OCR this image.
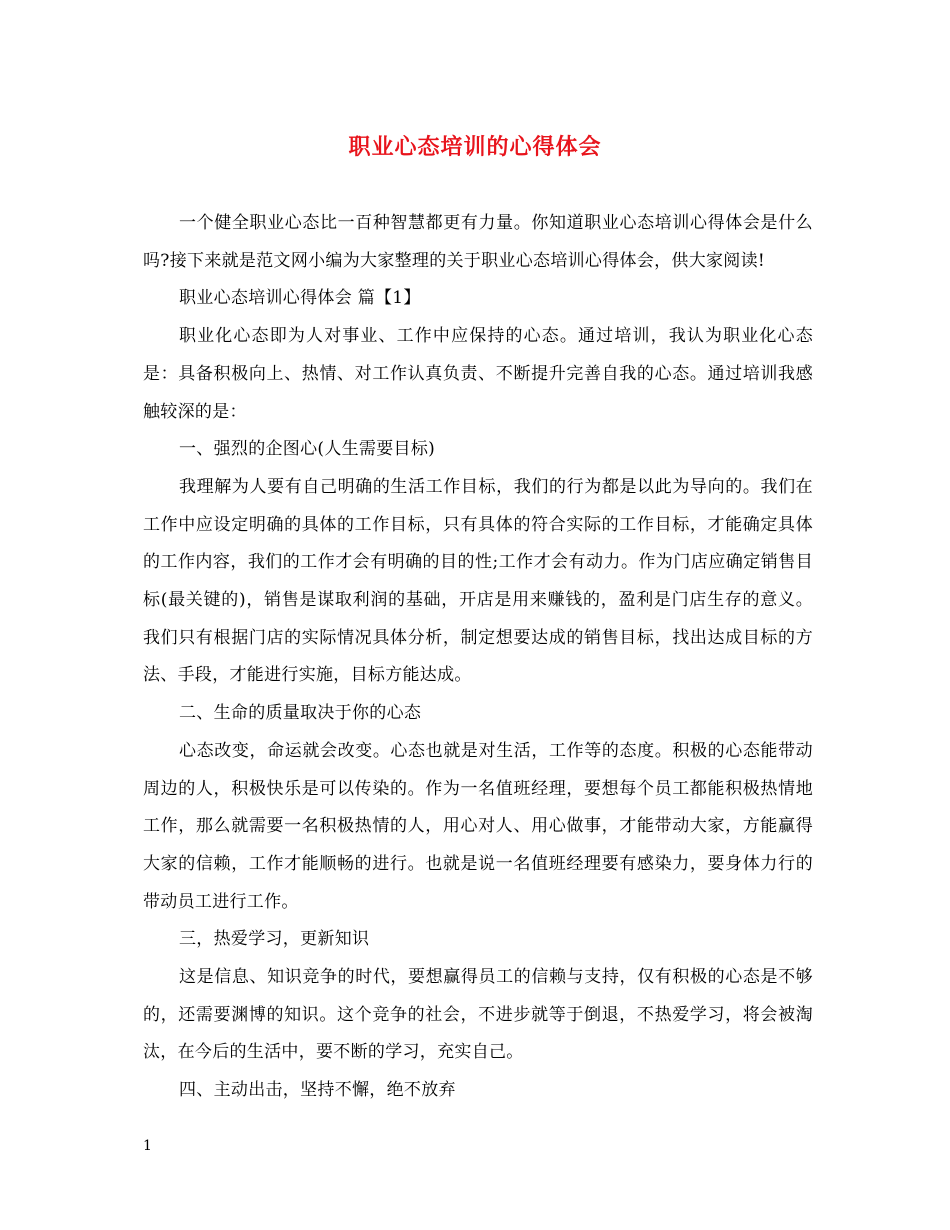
职业心态培训的心得体会

一个健全职业心态比一百种智慧都更有力量。你知道职业心态培训心得体会是什么吗?接下来就是范文网小编为大家整理的关于职业心态培训心得体会，供大家阅读!

职业心态培训心得体会 篇【1】

职业化心态即为人对事业、工作中应保持的心态。通过培训，我认为职业化心态是：具备积极向上、热情、对工作认真负责、不断提升完善自我的心态。通过培训我感触较深的是：

一、强烈的企图心(人生需要目标)

我理解为人要有自己明确的生活工作目标，我们的行为都是以此为导向的。我们在工作中应设定明确的具体的工作目标，只有具体的符合实际的工作目标，才能确定具体的工作内容，我们的工作才会有明确的目的性;工作才会有动力。作为门店应确定销售目标(最关键的)，销售是谋取利润的基础，开店是用来赚钱的，盈利是门店生存的意义。我们只有根据门店的实际情况具体分析，制定想要达成的销售目标，找出达成目标的方法、手段，才能进行实施，目标方能达成。

二、生命的质量取决于你的心态

心态改变，命运就会改变。心态也就是对生活，工作等的态度。积极的心态能带动周边的人，积极快乐是可以传染的。作为一名值班经理，要想每个员工都能积极热情地工作，那么就需要一名积极热情的人，用心对人、用心做事，才能带动大家，方能赢得大家的信赖，工作才能顺畅的进行。也就是说一名值班经理要有感染力，要身体力行的带动员工进行工作。

三，热爱学习，更新知识

这是信息、知识竞争的时代，要想赢得员工的信赖与支持，仅有积极的心态是不够的，还需要渊博的知识。这个竞争的社会，不进步就等于倒退，不热爱学习，将会被淘汰，在今后的生活中，要不断的学习，充实自己。

四、主动出击，坚持不懈，绝不放弃

1
